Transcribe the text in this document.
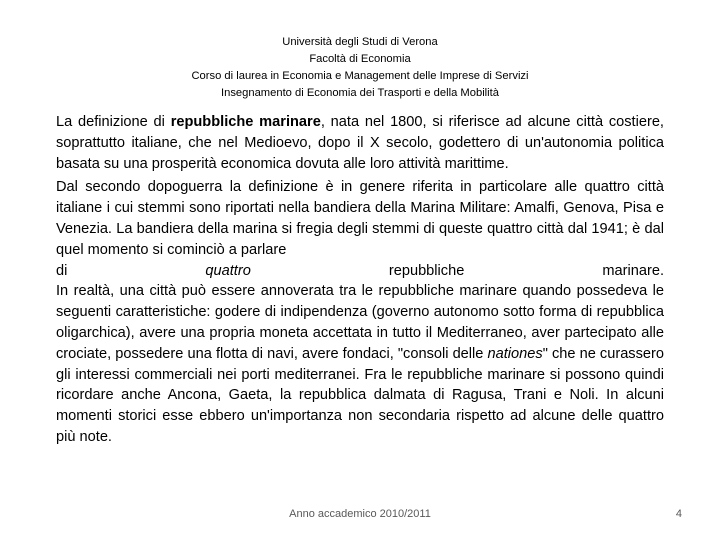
Università degli Studi di Verona
Facoltà di Economia
Corso di laurea in Economia e Management delle Imprese di Servizi
Insegnamento di Economia dei Trasporti e della Mobilità

La definizione di repubbliche marinare, nata nel 1800, si riferisce ad alcune città costiere, soprattutto italiane, che nel Medioevo, dopo il X secolo, godettero di un'autonomia politica basata su una prosperità economica dovuta alle loro attività marittime.

Dal secondo dopoguerra la definizione è in genere riferita in particolare alle quattro città italiane i cui stemmi sono riportati nella bandiera della Marina Militare: Amalfi, Genova, Pisa e Venezia. La bandiera della marina si fregia degli stemmi di queste quattro città dal 1941; è dal quel momento si cominciò a parlare

di	quattro	repubbliche	marinare.

In realtà, una città può essere annoverata tra le repubbliche marinare quando possedeva le seguenti caratteristiche: godere di indipendenza (governo autonomo sotto forma di repubblica oligarchica), avere una propria moneta accettata in tutto il Mediterraneo, aver partecipato alle crociate, possedere una flotta di navi, avere fondaci, "consoli delle nationes" che ne curassero gli interessi commerciali nei porti mediterranei. Fra le repubbliche marinare si possono quindi ricordare anche Ancona, Gaeta, la repubblica dalmata di Ragusa, Trani e Noli. In alcuni momenti storici esse ebbero un'importanza non secondaria rispetto ad alcune delle quattro più note.

Anno accademico 2010/2011	4
